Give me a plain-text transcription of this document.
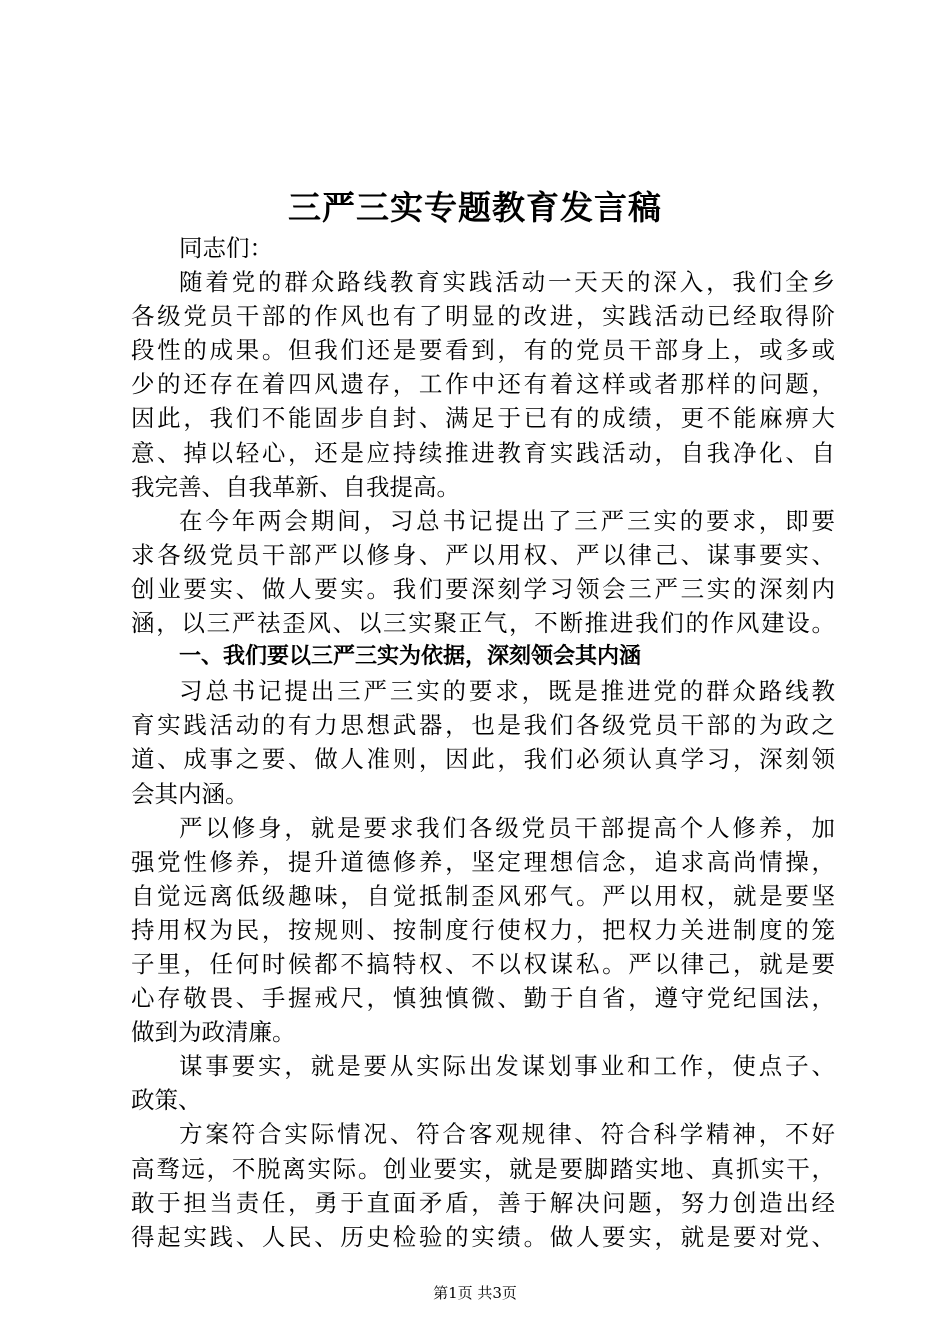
三严三实专题教育发言稿
同志们：
随着党的群众路线教育实践活动一天天的深入，我们全乡
各级党员干部的作风也有了明显的改进，实践活动已经取得阶
段性的成果。但我们还是要看到，有的党员干部身上，或多或
少的还存在着四风遗存，工作中还有着这样或者那样的问题，
因此，我们不能固步自封、满足于已有的成绩，更不能麻痹大
意、掉以轻心，还是应持续推进教育实践活动，自我净化、自
我完善、自我革新、自我提高。
在今年两会期间，习总书记提出了三严三实的要求，即要
求各级党员干部严以修身、严以用权、严以律己、谋事要实、
创业要实、做人要实。我们要深刻学习领会三严三实的深刻内
涵，以三严祛歪风、以三实聚正气，不断推进我们的作风建设。
一、我们要以三严三实为依据，深刻领会其内涵
习总书记提出三严三实的要求，既是推进党的群众路线教
育实践活动的有力思想武器，也是我们各级党员干部的为政之
道、成事之要、做人准则，因此，我们必须认真学习，深刻领
会其内涵。
严以修身，就是要求我们各级党员干部提高个人修养，加
强党性修养，提升道德修养，坚定理想信念，追求高尚情操，
自觉远离低级趣味，自觉抵制歪风邪气。严以用权，就是要坚
持用权为民，按规则、按制度行使权力，把权力关进制度的笼
子里，任何时候都不搞特权、不以权谋私。严以律己，就是要
心存敬畏、手握戒尺，慎独慎微、勤于自省，遵守党纪国法，
做到为政清廉。
谋事要实，就是要从实际出发谋划事业和工作，使点子、
政策、
方案符合实际情况、符合客观规律、符合科学精神，不好
高骛远，不脱离实际。创业要实，就是要脚踏实地、真抓实干，
敢于担当责任，勇于直面矛盾，善于解决问题，努力创造出经
得起实践、人民、历史检验的实绩。做人要实，就是要对党、
第1页 共3页
